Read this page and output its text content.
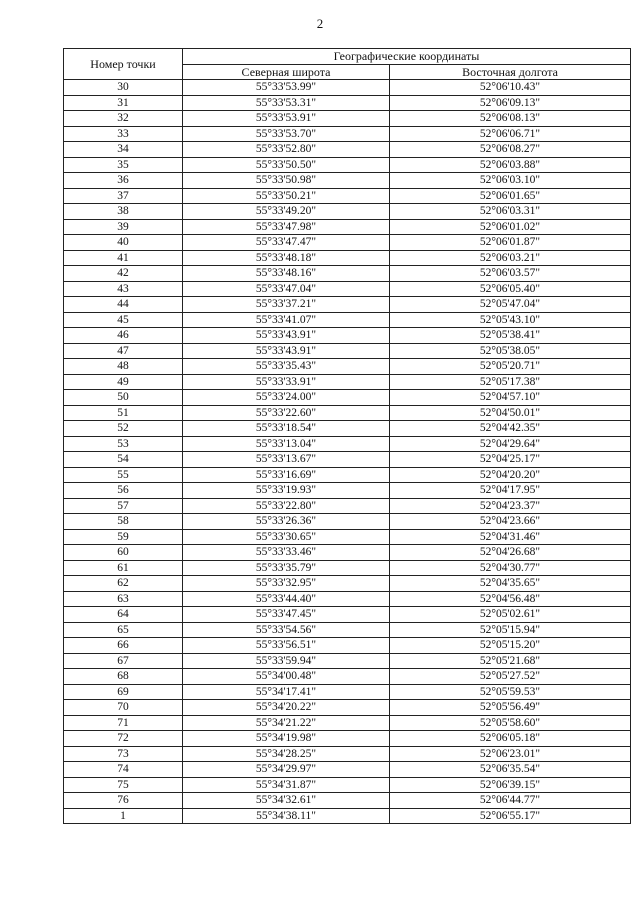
2
Номер точки	Географические координаты	
	Северная широта	Восточная долгота
30	55°33'53.99"	52°06'10.43"
31	55°33'53.31"	52°06'09.13"
32	55°33'53.91"	52°06'08.13"
33	55°33'53.70"	52°06'06.71"
34	55°33'52.80"	52°06'08.27"
35	55°33'50.50"	52°06'03.88"
36	55°33'50.98"	52°06'03.10"
37	55°33'50.21"	52°06'01.65"
38	55°33'49.20"	52°06'03.31"
39	55°33'47.98"	52°06'01.02"
40	55°33'47.47"	52°06'01.87"
41	55°33'48.18"	52°06'03.21"
42	55°33'48.16"	52°06'03.57"
43	55°33'47.04"	52°06'05.40"
44	55°33'37.21"	52°05'47.04"
45	55°33'41.07"	52°05'43.10"
46	55°33'43.91"	52°05'38.41"
47	55°33'43.91"	52°05'38.05"
48	55°33'35.43"	52°05'20.71"
49	55°33'33.91"	52°05'17.38"
50	55°33'24.00"	52°04'57.10"
51	55°33'22.60"	52°04'50.01"
52	55°33'18.54"	52°04'42.35"
53	55°33'13.04"	52°04'29.64"
54	55°33'13.67"	52°04'25.17"
55	55°33'16.69"	52°04'20.20"
56	55°33'19.93"	52°04'17.95"
57	55°33'22.80"	52°04'23.37"
58	55°33'26.36"	52°04'23.66"
59	55°33'30.65"	52°04'31.46"
60	55°33'33.46"	52°04'26.68"
61	55°33'35.79"	52°04'30.77"
62	55°33'32.95"	52°04'35.65"
63	55°33'44.40"	52°04'56.48"
64	55°33'47.45"	52°05'02.61"
65	55°33'54.56"	52°05'15.94"
66	55°33'56.51"	52°05'15.20"
67	55°33'59.94"	52°05'21.68"
68	55°34'00.48"	52°05'27.52"
69	55°34'17.41"	52°05'59.53"
70	55°34'20.22"	52°05'56.49"
71	55°34'21.22"	52°05'58.60"
72	55°34'19.98"	52°06'05.18"
73	55°34'28.25"	52°06'23.01"
74	55°34'29.97"	52°06'35.54"
75	55°34'31.87"	52°06'39.15"
76	55°34'32.61"	52°06'44.77"
1	55°34'38.11"	52°06'55.17"
